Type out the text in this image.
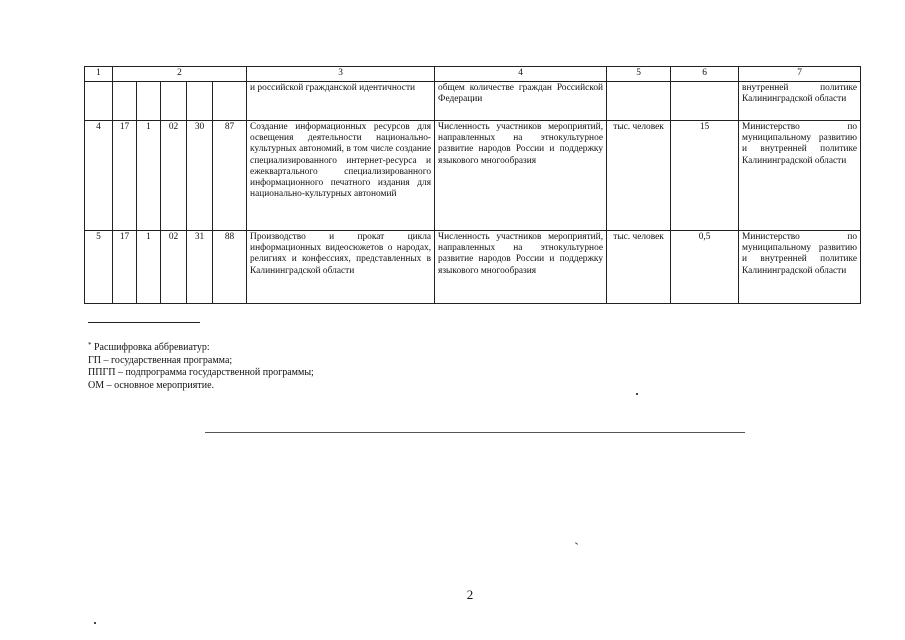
1	2					3	4	5	6	7
						и российской гражданской идентичности	общем количестве граждан Российской Федерации			внутренней политике Калининградской области
4	17	1	02	30	87	Создание информационных ресурсов для освещения деятельности национально-культурных автономий, в том числе создание специализированного интернет-ресурса и ежеквартального специализированного информационного печатного издания для национально-культурных автономий	Численность участников мероприятий, направленных на этнокультурное развитие народов России и поддержку языкового многообразия	тыс. человек	15	Министерство по муниципальному развитию и внутренней политике Калининградской области
5	17	1	02	31	88	Производство и прокат цикла информационных видеосюжетов о народах, религиях и конфессиях, представленных в Калининградской области	Численность участников мероприятий, направленных на этнокультурное развитие народов России и поддержку языкового многообразия	тыс. человек	0,5	Министерство по муниципальному развитию и внутренней политике Калининградской области

* Расшифровка аббревиатур:

ГП – государственная программа;

ППГП – подпрограмма государственной программы;

ОМ – основное мероприятие.

2
